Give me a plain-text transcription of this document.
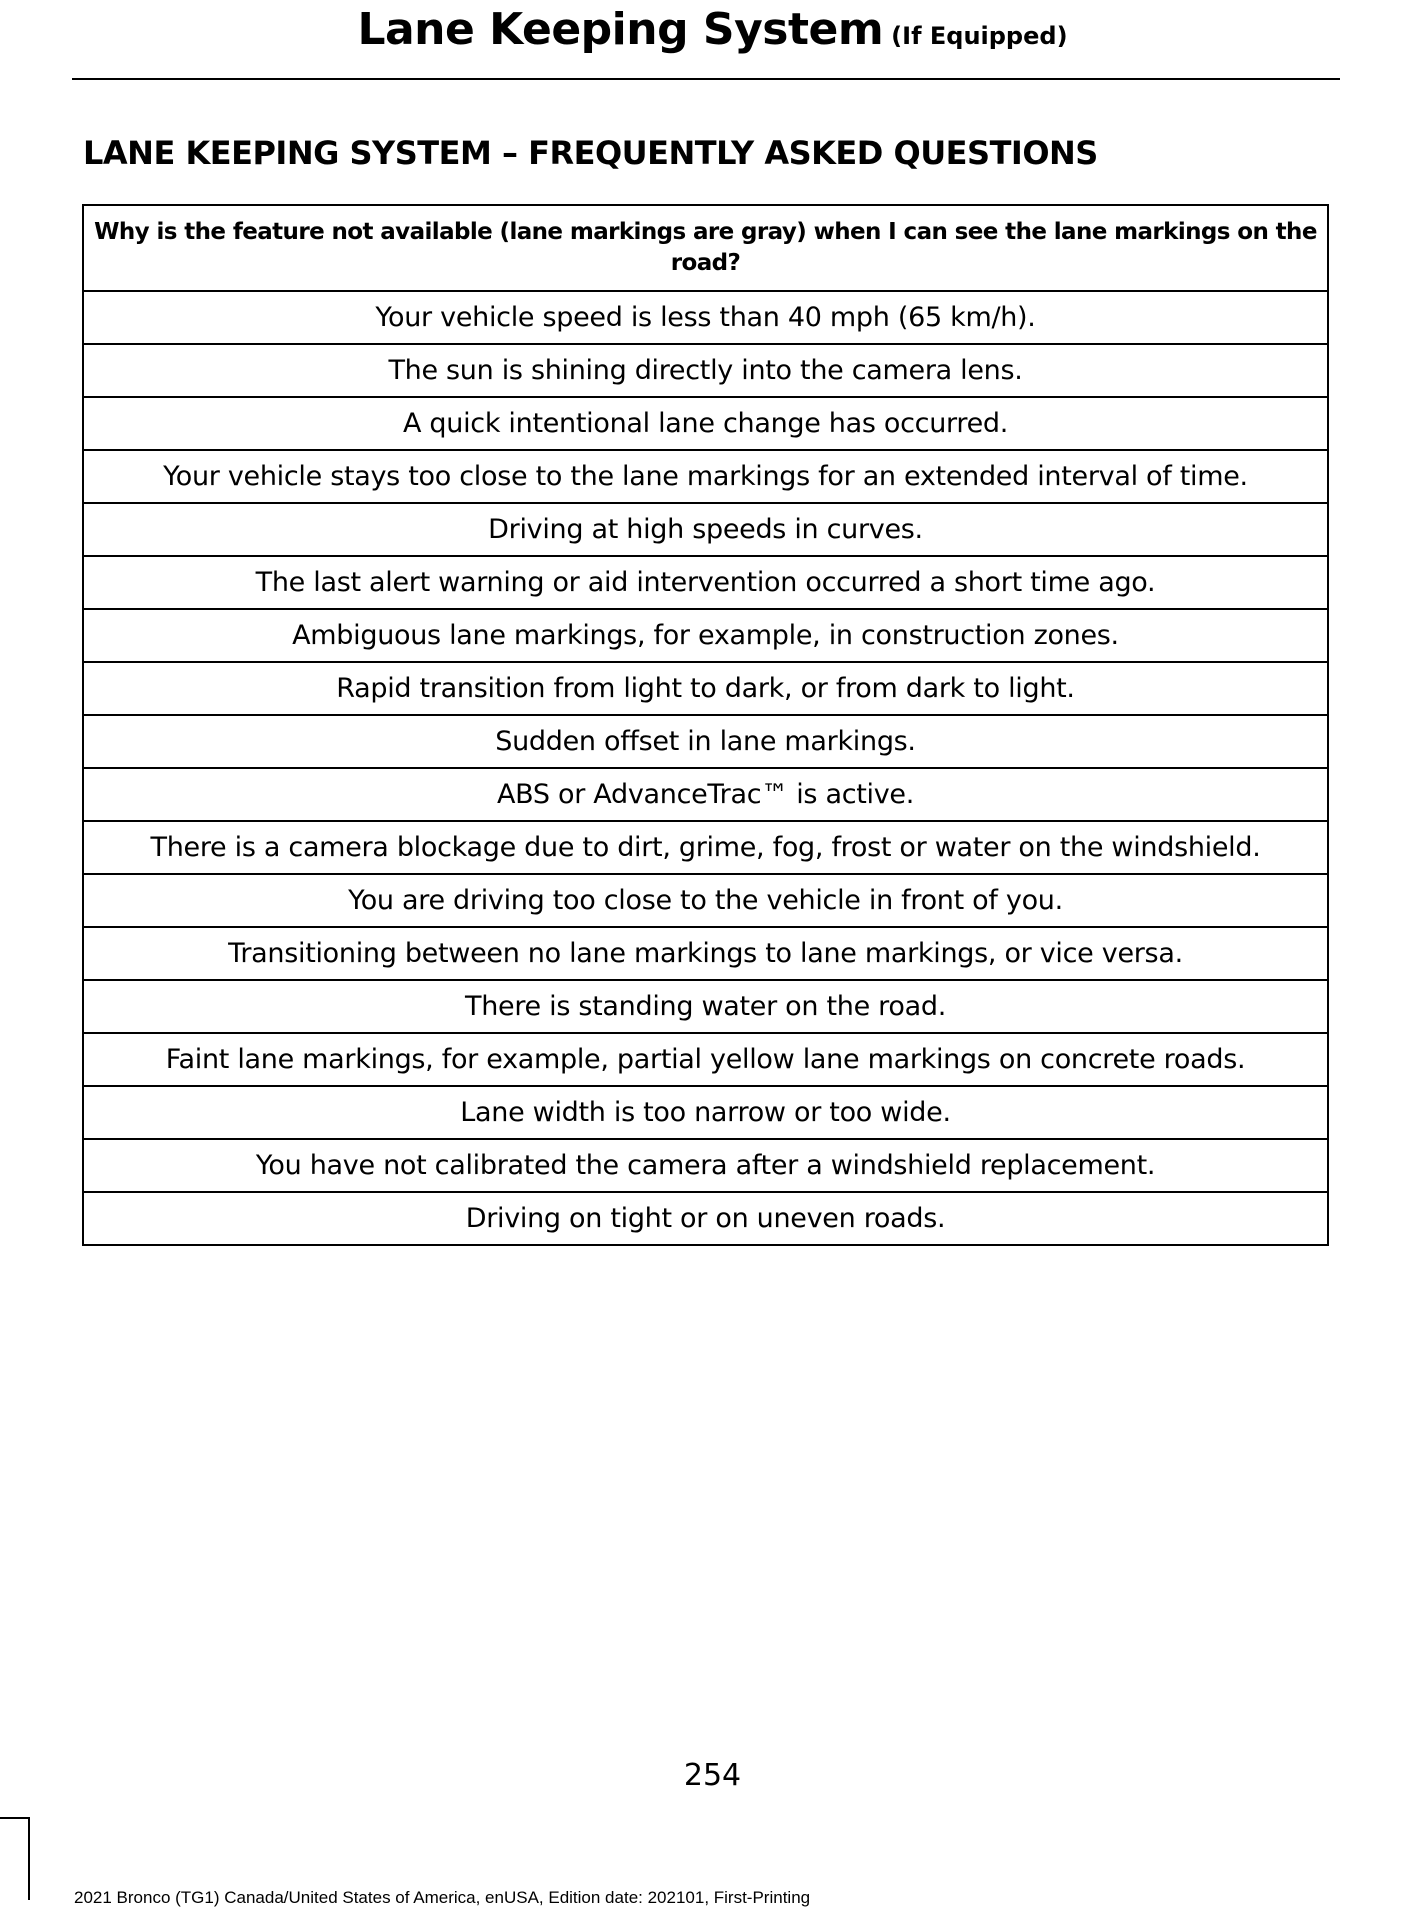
Lane Keeping System (If Equipped)
LANE KEEPING SYSTEM – FREQUENTLY ASKED QUESTIONS
Why is the feature not available (lane markings are gray) when I can see the lane markings on the road?
Your vehicle speed is less than 40 mph (65 km/h).
The sun is shining directly into the camera lens.
A quick intentional lane change has occurred.
Your vehicle stays too close to the lane markings for an extended interval of time.
Driving at high speeds in curves.
The last alert warning or aid intervention occurred a short time ago.
Ambiguous lane markings, for example, in construction zones.
Rapid transition from light to dark, or from dark to light.
Sudden offset in lane markings.
ABS or AdvanceTrac™ is active.
There is a camera blockage due to dirt, grime, fog, frost or water on the windshield.
You are driving too close to the vehicle in front of you.
Transitioning between no lane markings to lane markings, or vice versa.
There is standing water on the road.
Faint lane markings, for example, partial yellow lane markings on concrete roads.
Lane width is too narrow or too wide.
You have not calibrated the camera after a windshield replacement.
Driving on tight or on uneven roads.
254
2021 Bronco (TG1) Canada/United States of America, enUSA, Edition date: 202101, First-Printing
